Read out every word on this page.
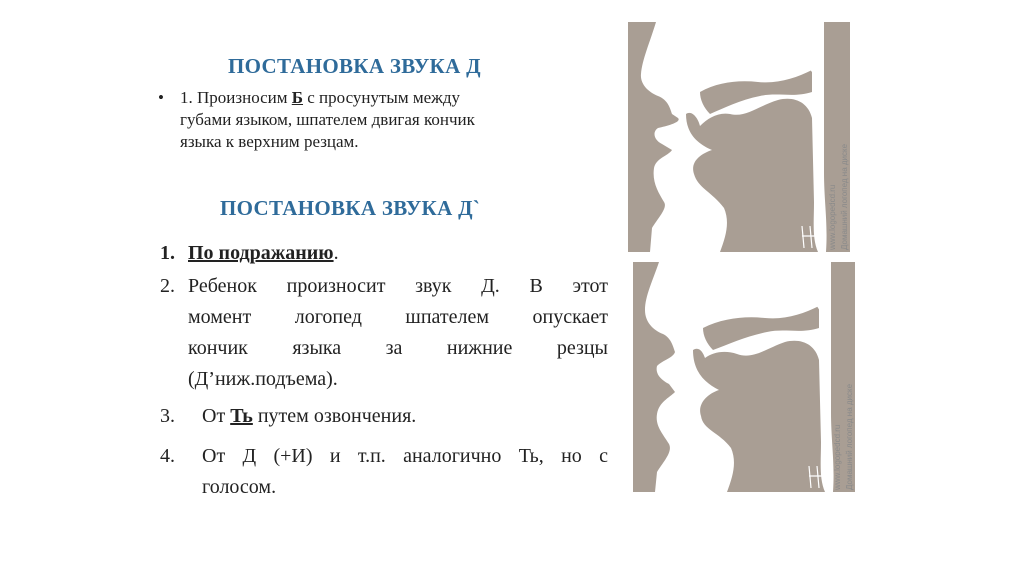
ПОСТАНОВКА ЗВУКА Д
• 1. Произносим Б с просунутым между
губами языком, шпателем двигая кончик
языка к верхним резцам.
ПОСТАНОВКА ЗВУКА Д`
1. По подражанию.
2. Ребенок произносит звук Д. В этот
момент логопед шпателем опускает
кончик языка за нижние резцы
(Д’ниж.подъема).
3. От Ть путем озвончения.
4. От Д (+И) и т.п. аналогично Ть, но с
голосом.
www.logopedcd.ru Домашний логопед на диске
www.logopedcd.ru Домашний логопед на диске
